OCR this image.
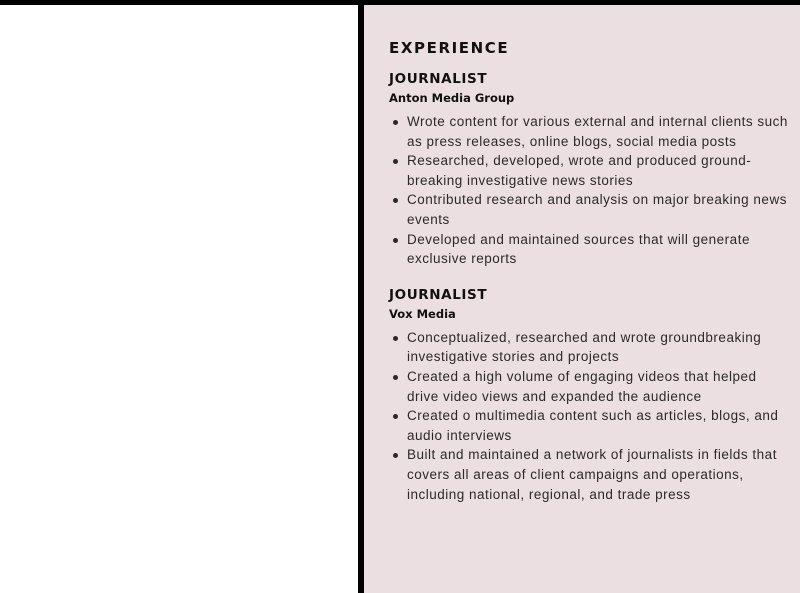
EXPERIENCE
JOURNALIST
Anton Media Group
Wrote content for various external and internal clients such as press releases, online blogs, social media posts
Researched, developed, wrote and produced ground-breaking investigative news stories
Contributed research and analysis on major breaking news events
Developed and maintained sources that will generate exclusive reports
JOURNALIST
Vox Media
Conceptualized, researched and wrote groundbreaking investigative stories and projects
Created a high volume of engaging videos that helped drive video views and expanded the audience
Created o multimedia content such as articles, blogs, and audio interviews
Built and maintained a network of journalists in fields that covers all areas of client campaigns and operations, including national, regional, and trade press
